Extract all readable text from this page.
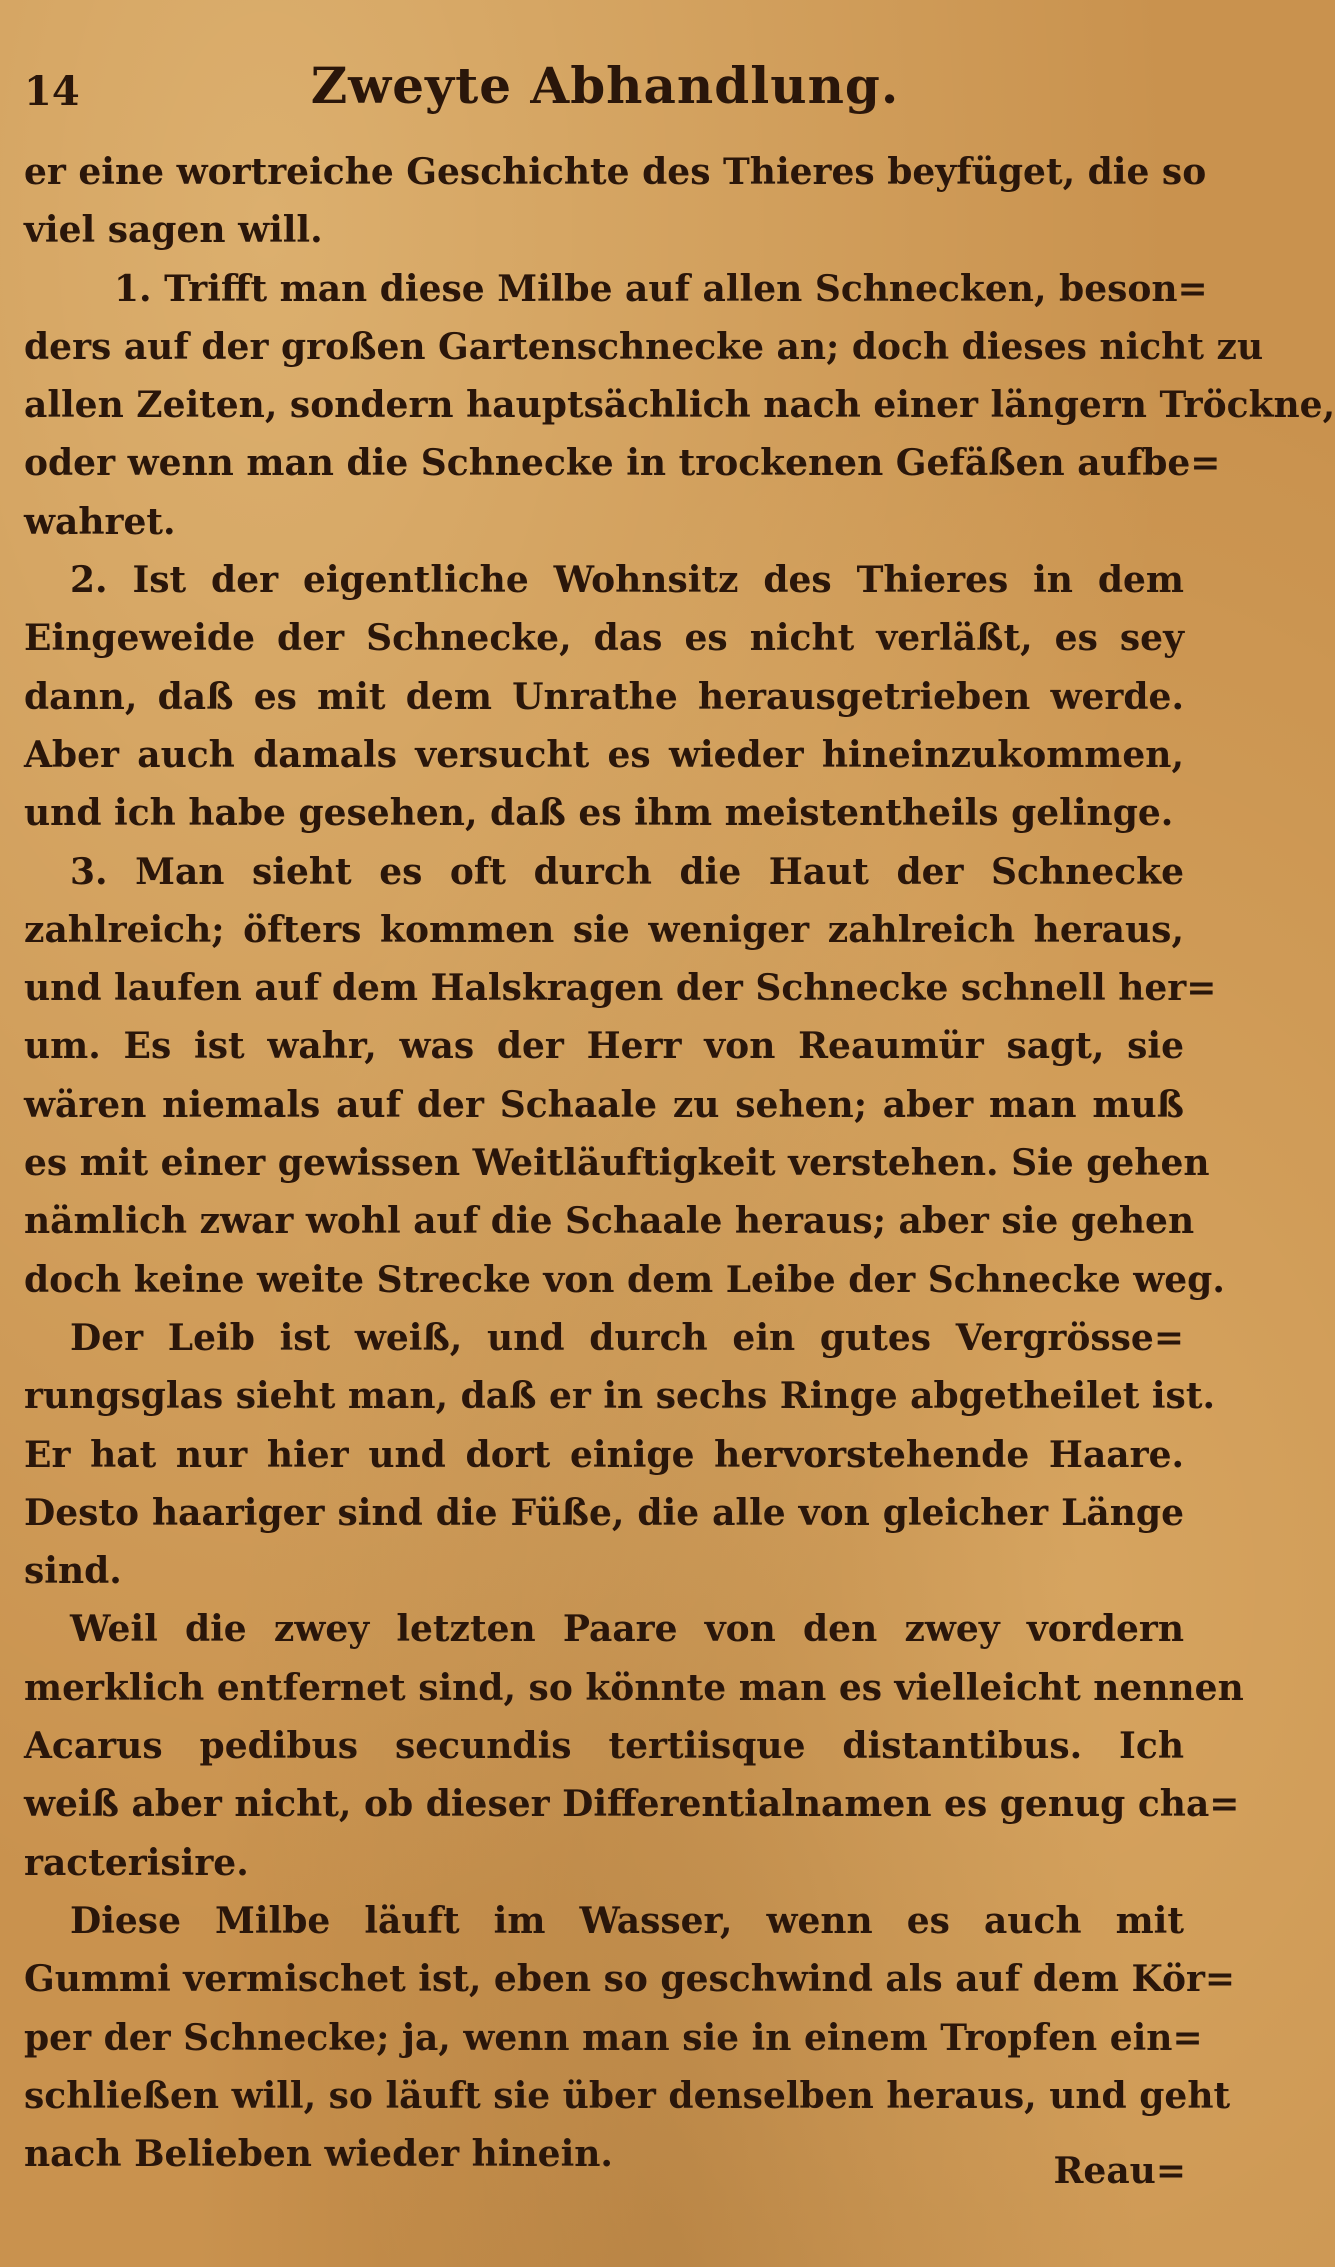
14	Zweyte Abhandlung.
er eine wortreiche Geschichte des Thieres beyfüget, die so
viel sagen will.
1. Trifft man diese Milbe auf allen Schnecken, beson=
ders auf der großen Gartenschnecke an; doch dieses nicht zu
allen Zeiten, sondern hauptsächlich nach einer längern Tröckne,
oder wenn man die Schnecke in trockenen Gefäßen aufbe=
wahret.
2. Ist der eigentliche Wohnsitz des Thieres in dem
Eingeweide der Schnecke, das es nicht verläßt, es sey
dann, daß es mit dem Unrathe herausgetrieben werde.
Aber auch damals versucht es wieder hineinzukommen,
und ich habe gesehen, daß es ihm meistentheils gelinge.
3. Man sieht es oft durch die Haut der Schnecke
zahlreich; öfters kommen sie weniger zahlreich heraus,
und laufen auf dem Halskragen der Schnecke schnell her=
um. Es ist wahr, was der Herr von Reaumür sagt, sie
wären niemals auf der Schaale zu sehen; aber man muß
es mit einer gewissen Weitläuftigkeit verstehen. Sie gehen
nämlich zwar wohl auf die Schaale heraus; aber sie gehen
doch keine weite Strecke von dem Leibe der Schnecke weg.
Der Leib ist weiß, und durch ein gutes Vergrösse=
rungsglas sieht man, daß er in sechs Ringe abgetheilet ist.
Er hat nur hier und dort einige hervorstehende Haare.
Desto haariger sind die Füße, die alle von gleicher Länge
sind.
Weil die zwey letzten Paare von den zwey vordern
merklich entfernet sind, so könnte man es vielleicht nennen
Acarus pedibus secundis tertiisque distantibus. Ich
weiß aber nicht, ob dieser Differentialnamen es genug cha=
racterisire.
Diese Milbe läuft im Wasser, wenn es auch mit
Gummi vermischet ist, eben so geschwind als auf dem Kör=
per der Schnecke; ja, wenn man sie in einem Tropfen ein=
schließen will, so läuft sie über denselben heraus, und geht
nach Belieben wieder hinein.	Reau=
